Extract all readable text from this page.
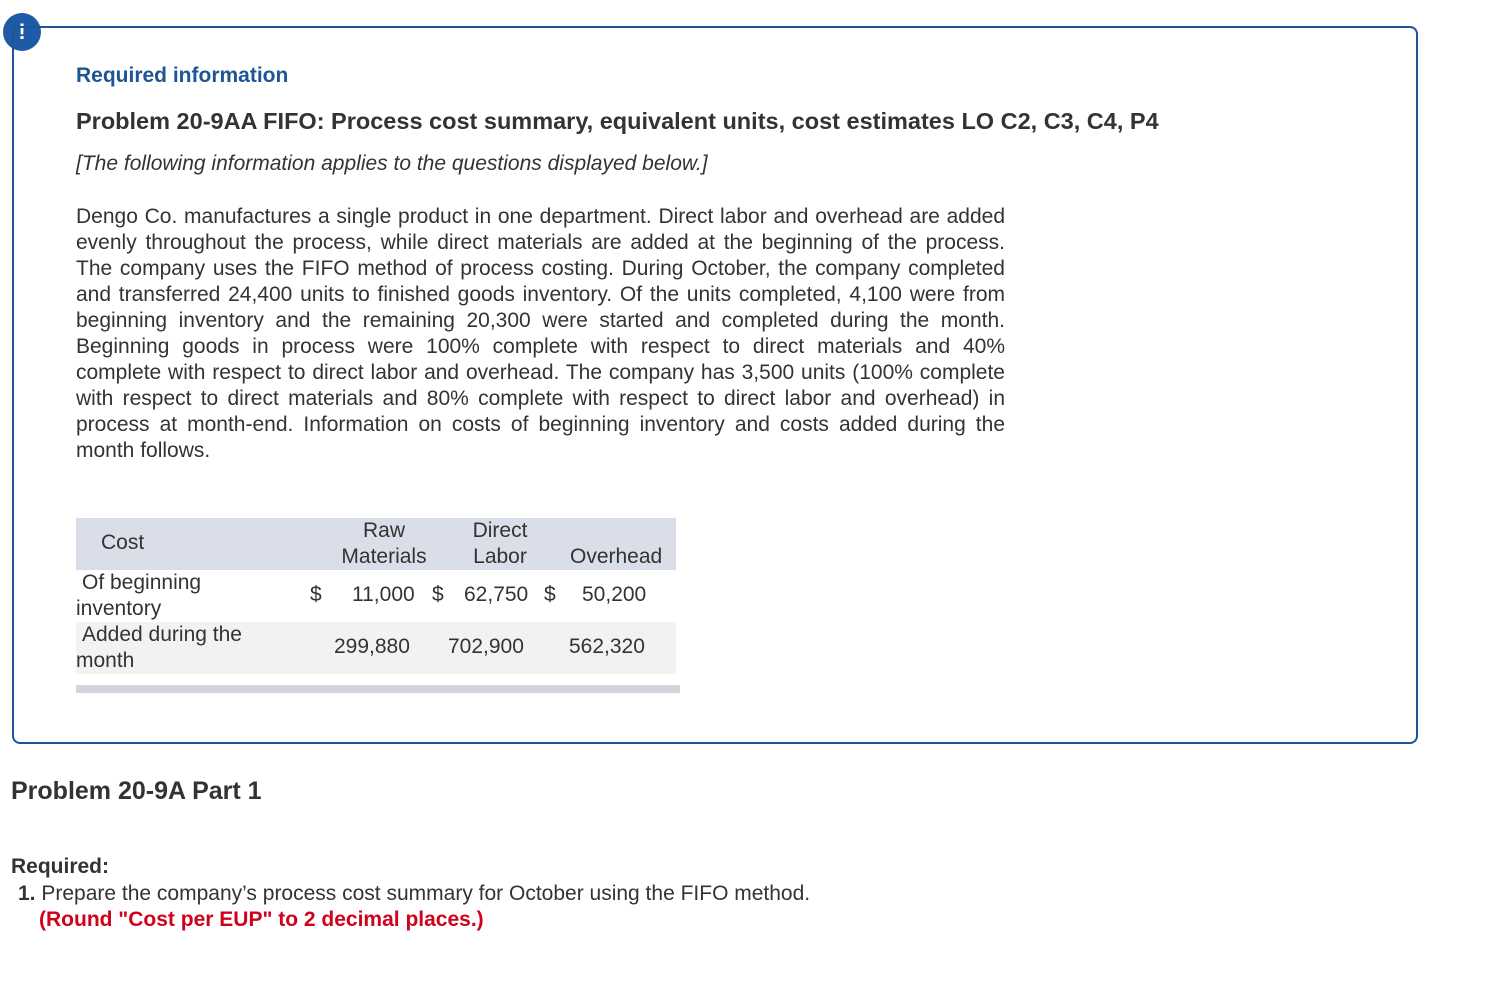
!
Required information
Problem 20-9AA FIFO: Process cost summary, equivalent units, cost estimates LO C2, C3, C4, P4
[The following information applies to the questions displayed below.]
Dengo Co. manufactures a single product in one department. Direct labor and overhead are added evenly throughout the process, while direct materials are added at the beginning of the process. The company uses the FIFO method of process costing. During October, the company completed and transferred 24,400 units to finished goods inventory. Of the units completed, 4,100 were from beginning inventory and the remaining 20,300 were started and completed during the month. Beginning goods in process were 100% complete with respect to direct materials and 40% complete with respect to direct labor and overhead. The company has 3,500 units (100% complete with respect to direct materials and 80% complete with respect to direct labor and overhead) in process at month-end. Information on costs of beginning inventory and costs added during the month follows.
Cost
Raw
Materials
Direct
Labor	Overhead
Of beginning
inventory
$ 11,000 $ 62,750 $ 50,200
Added during the
month
299,880 702,900 562,320
Problem 20-9A Part 1
Required:
1. Prepare the company’s process cost summary for October using the FIFO method.
(Round "Cost per EUP" to 2 decimal places.)
